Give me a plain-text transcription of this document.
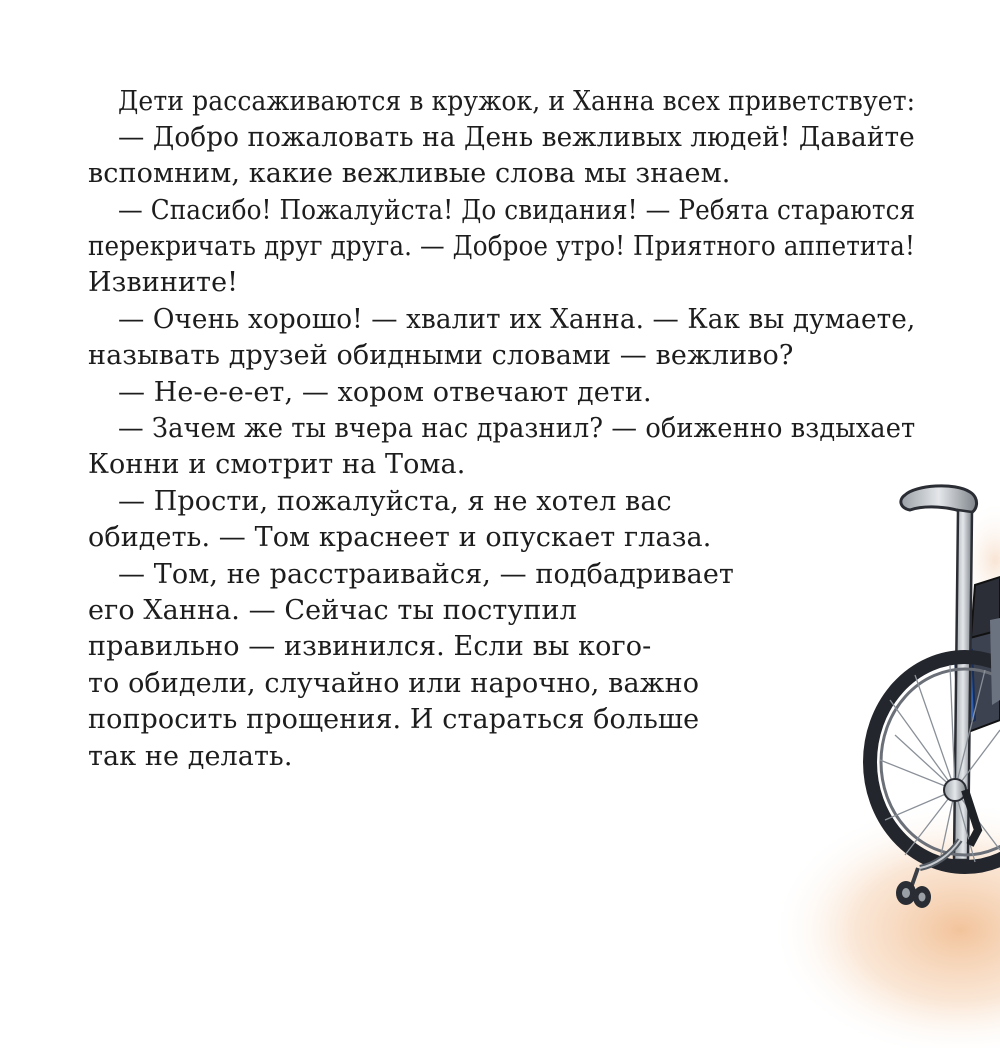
Дети рассаживаются в кружок, и Ханна всех приветствует:
— Добро пожаловать на День вежливых людей! Давайте
вспомним, какие вежливые слова мы знаем.
— Спасибо! Пожалуйста! До свидания! — Ребята стараются
перекричать друг друга. — Доброе утро! Приятного аппетита!
Извините!
— Очень хорошо! — хвалит их Ханна. — Как вы думаете,
называть друзей обидными словами — вежливо?
— Не-е-е-ет, — хором отвечают дети.
— Зачем же ты вчера нас дразнил? — обиженно вздыхает
Конни и смотрит на Тома.
— Прости, пожалуйста, я не хотел вас
обидеть. — Том краснеет и опускает глаза.
— Том, не расстраивайся, — подбадривает
его Ханна. — Сейчас ты поступил
правильно — извинился. Если вы кого-
то обидели, случайно или нарочно, важно
попросить прощения. И стараться больше
так не делать.
